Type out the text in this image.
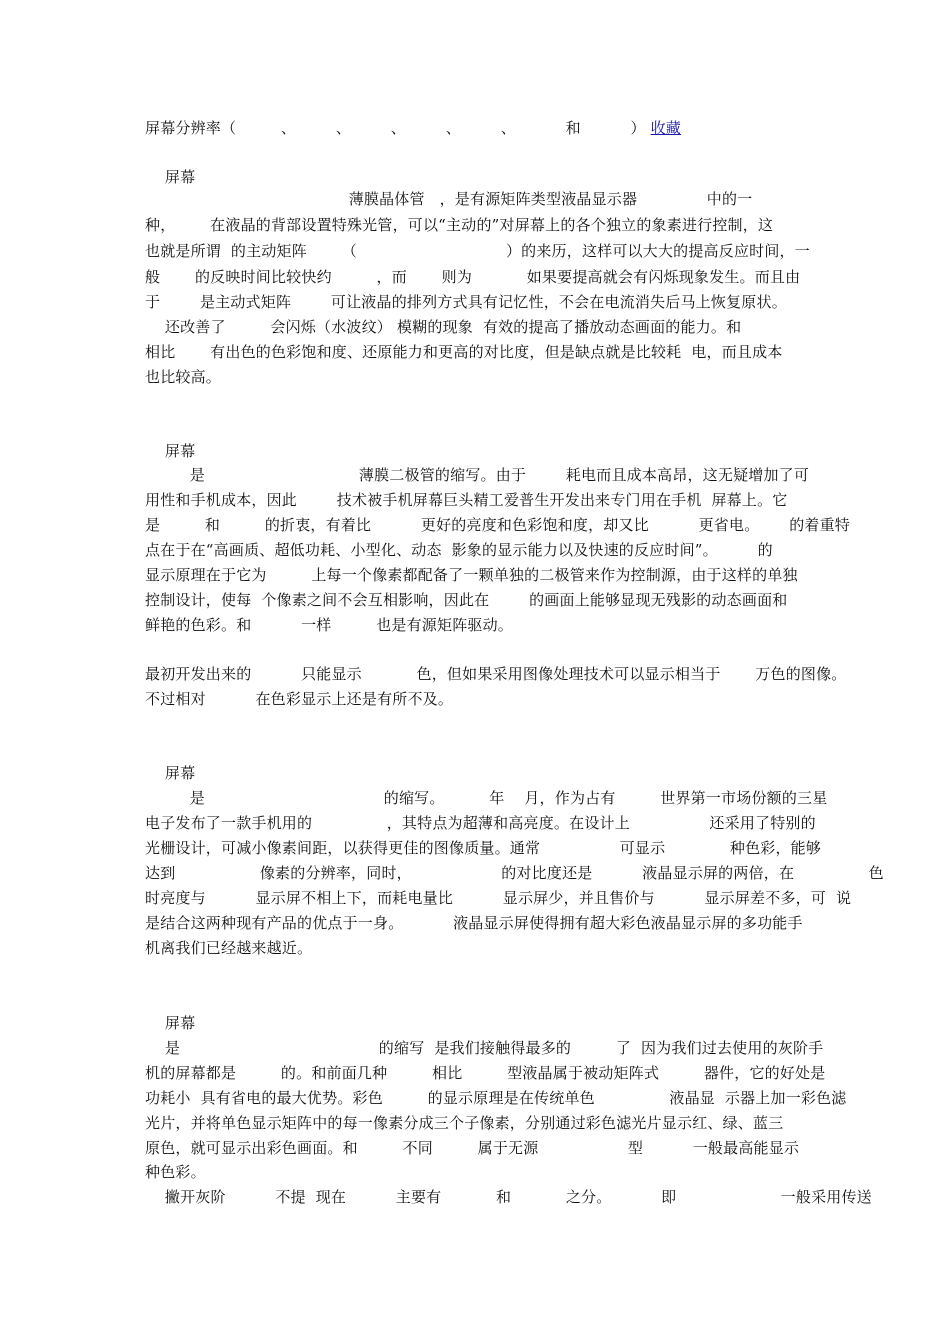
屏幕分辨率（         、        、        、        、        、          和          ） 收藏
屏幕
薄膜晶体管   ，是有源矩阵类型液晶显示器              中的一
种，       在液晶的背部设置特殊光管，可以“主动的”对屏幕上的各个独立的象素进行控制，这
也就是所谓  的主动矩阵       （                              ）的来历，这样可以大大的提高反应时间，一
般       的反映时间比较快约         ，而       则为           如果要提高就会有闪烁现象发生。而且由
于        是主动式矩阵        可让液晶的排列方式具有记忆性，不会在电流消失后马上恢复原状。
还改善了         会闪烁（水波纹） 模糊的现象  有效的提高了播放动态画面的能力。和
相比       有出色的色彩饱和度、还原能力和更高的对比度，但是缺点就是比较耗  电，而且成本
也比较高。
屏幕
是                               薄膜二极管的缩写。由于        耗电而且成本高昂，这无疑增加了可
用性和手机成本，因此        技术被手机屏幕巨头精工爱普生开发出来专门用在手机  屏幕上。它
是         和         的折衷，有着比          更好的亮度和色彩饱和度，却又比          更省电。      的着重特
点在于在“高画质、超低功耗、小型化、动态  影象的显示能力以及快速的反应时间”。        的
显示原理在于它为         上每一个像素都配备了一颗单独的二极管来作为控制源，由于这样的单独
控制设计，使每  个像素之间不会互相影响，因此在        的画面上能够显现无残影的动态画面和
鲜艳的色彩。和          一样         也是有源矩阵驱动。
最初开发出来的          只能显示           色，但如果采用图像处理技术可以显示相当于       万色的图像。
不过相对          在色彩显示上还是有所不及。
屏幕
是                                    的缩写。         年    月，作为占有         世界第一市场份额的三星
电子发布了一款手机用的               ，其特点为超薄和高亮度。在设计上                还采用了特别的
光栅设计，可减小像素间距，以获得更佳的图像质量。通常                可显示             种色彩，能够
达到                 像素的分辨率，同时，                  的对比度还是          液晶显示屏的两倍，在               色
时亮度与          显示屏不相上下，而耗电量比          显示屏少，并且售价与          显示屏差不多，可  说
是结合这两种现有产品的优点于一身。          液晶显示屏使得拥有超大彩色液晶显示屏的多功能手
机离我们已经越来越近。
屏幕
是                                        的缩写  是我们接触得最多的         了  因为我们过去使用的灰阶手
机的屏幕都是         的。和前面几种         相比         型液晶属于被动矩阵式         器件，它的好处是
功耗小  具有省电的最大优势。彩色         的显示原理是在传统单色               液晶显  示器上加一彩色滤
光片，并将单色显示矩阵中的每一像素分成三个子像素，分别通过彩色滤光片显示红、绿、蓝三
原色，就可显示出彩色画面。和         不同         属于无源                  型          一般最高能显示
种色彩。
撇开灰阶          不提  现在          主要有           和           之分。          即                     一般采用传送
